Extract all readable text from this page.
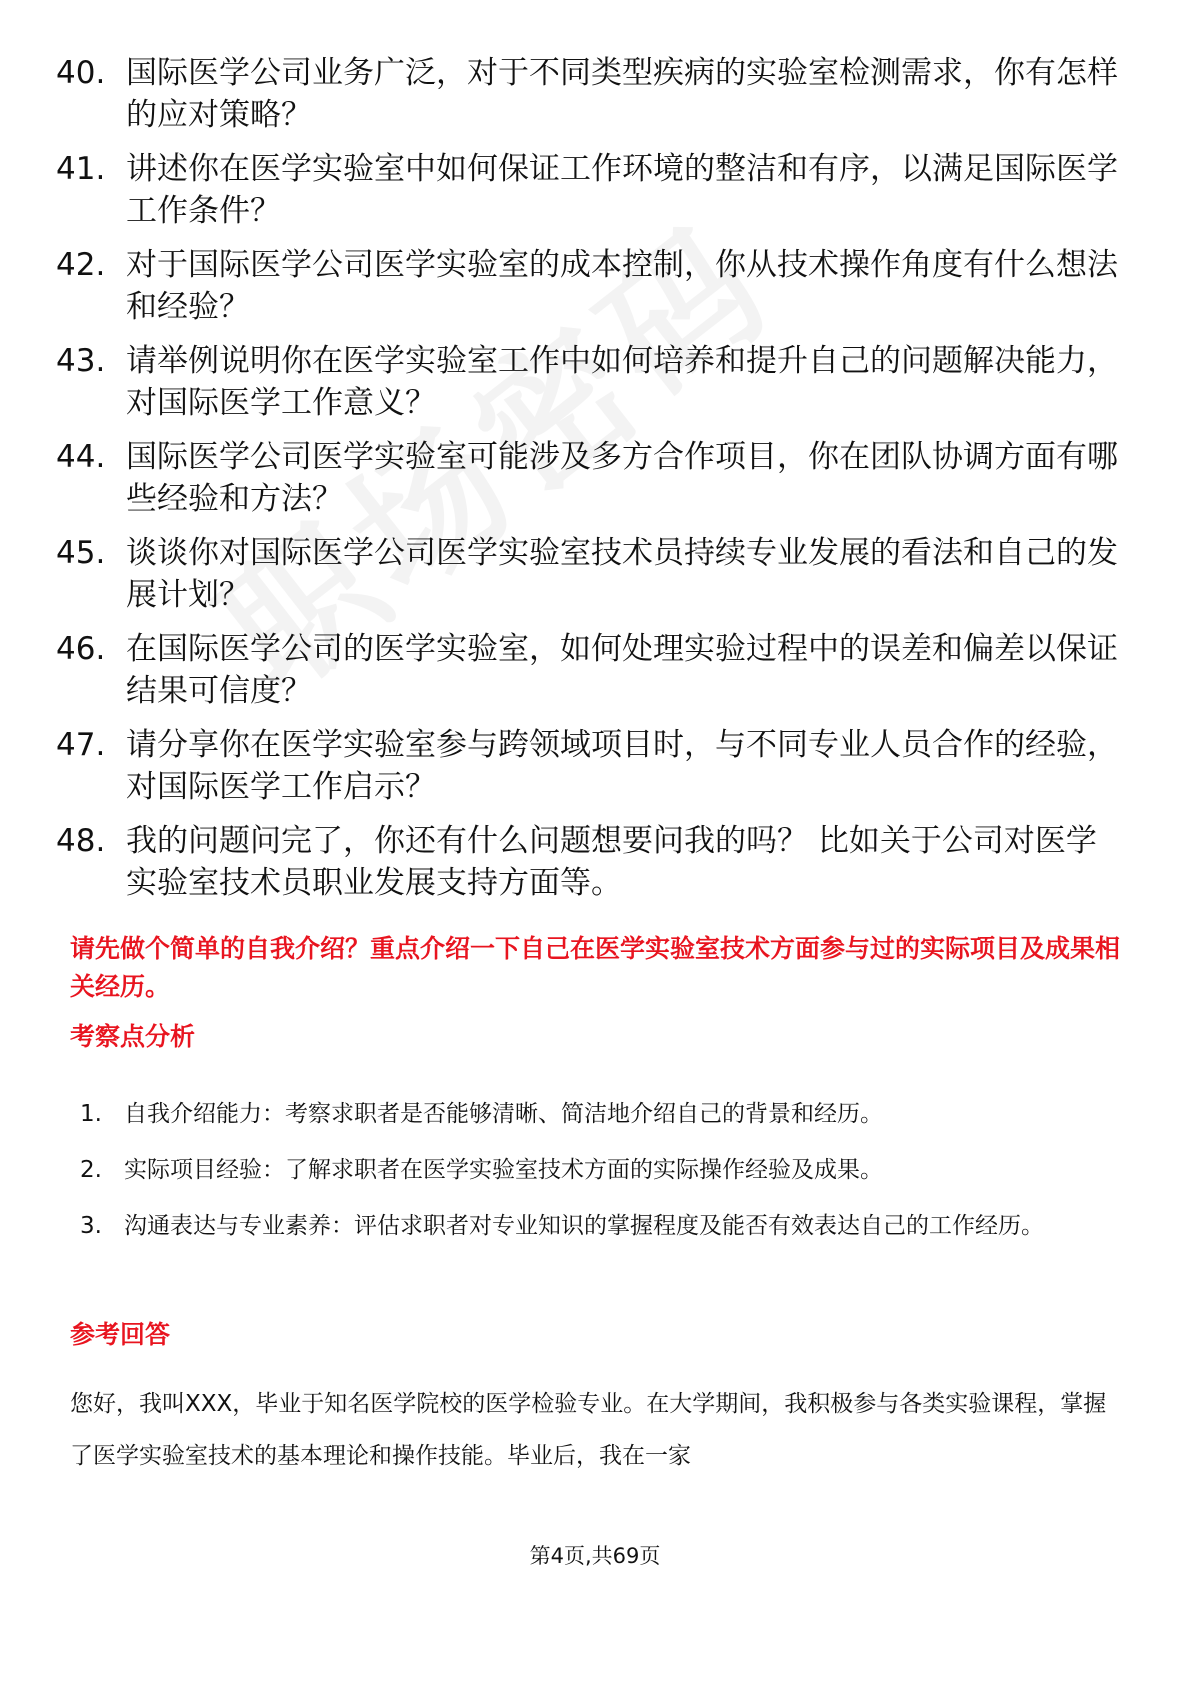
40. 国际医学公司业务广泛，对于不同类型疾病的实验室检测需求，你有怎样的应对策略？
41. 讲述你在医学实验室中如何保证工作环境的整洁和有序，以满足国际医学工作条件？
42. 对于国际医学公司医学实验室的成本控制，你从技术操作角度有什么想法和经验？
43. 请举例说明你在医学实验室工作中如何培养和提升自己的问题解决能力，对国际医学工作意义？
44. 国际医学公司医学实验室可能涉及多方合作项目，你在团队协调方面有哪些经验和方法？
45. 谈谈你对国际医学公司医学实验室技术员持续专业发展的看法和自己的发展计划？
46. 在国际医学公司的医学实验室，如何处理实验过程中的误差和偏差以保证结果可信度？
47. 请分享你在医学实验室参与跨领域项目时，与不同专业人员合作的经验，对国际医学工作启示？
48. 我的问题问完了，你还有什么问题想要问我的吗？ 比如关于公司对医学实验室技术员职业发展支持方面等。
请先做个简单的自我介绍？重点介绍一下自己在医学实验室技术方面参与过的实际项目及成果相关经历。
考察点分析
1. 自我介绍能力：考察求职者是否能够清晰、简洁地介绍自己的背景和经历。
2. 实际项目经验：了解求职者在医学实验室技术方面的实际操作经验及成果。
3. 沟通表达与专业素养：评估求职者对专业知识的掌握程度及能否有效表达自己的工作经历。
参考回答
您好，我叫XXX，毕业于知名医学院校的医学检验专业。在大学期间，我积极参与各类实验课程，掌握了医学实验室技术的基本理论和操作技能。毕业后，我在一家
第4页,共69页
